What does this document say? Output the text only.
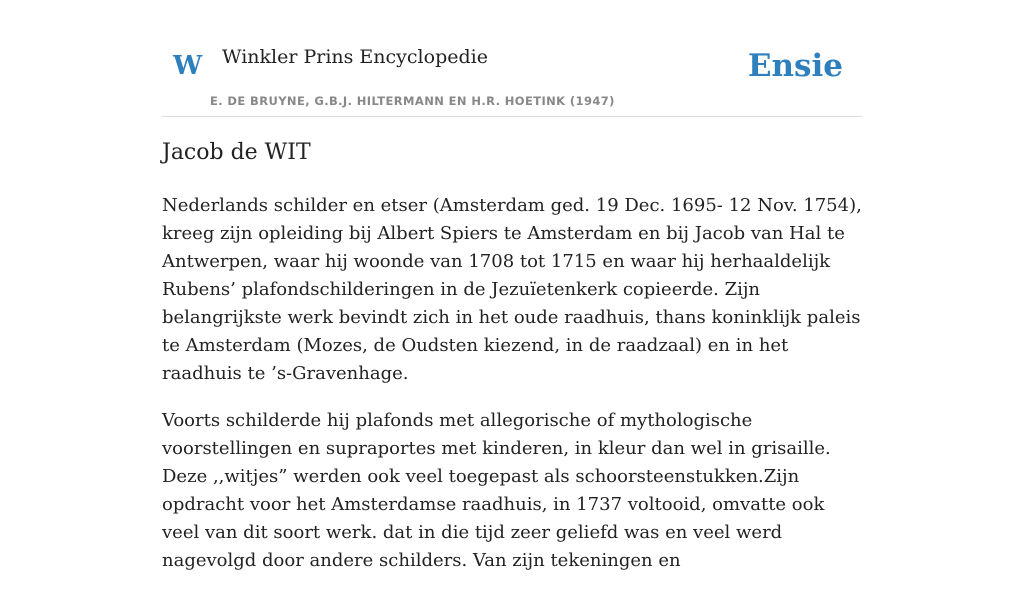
W Winkler Prins Encyclopedie
E. DE BRUYNE, G.B.J. HILTERMANN EN H.R. HOETINK (1947)
Ensie
Jacob de WIT

Nederlands schilder en etser (Amsterdam ged. 19 Dec. 1695- 12 Nov. 1754), kreeg zijn opleiding bij Albert Spiers te Amsterdam en bij Jacob van Hal te Antwerpen, waar hij woonde van 1708 tot 1715 en waar hij herhaaldelijk Rubens’ plafondschilderingen in de Jezuïetenkerk copieerde. Zijn belangrijkste werk bevindt zich in het oude raadhuis, thans koninklijk paleis te Amsterdam (Mozes, de Oudsten kiezend, in de raadzaal) en in het raadhuis te ’s-Gravenhage.

Voorts schilderde hij plafonds met allegorische of mythologische voorstellingen en supraportes met kinderen, in kleur dan wel in grisaille. Deze ,,witjes” werden ook veel toegepast als schoorsteenstukken.Zijn opdracht voor het Amsterdamse raadhuis, in 1737 voltooid, omvatte ook veel van dit soort werk. dat in die tijd zeer geliefd was en veel werd nagevolgd door andere schilders. Van zijn tekeningen en
